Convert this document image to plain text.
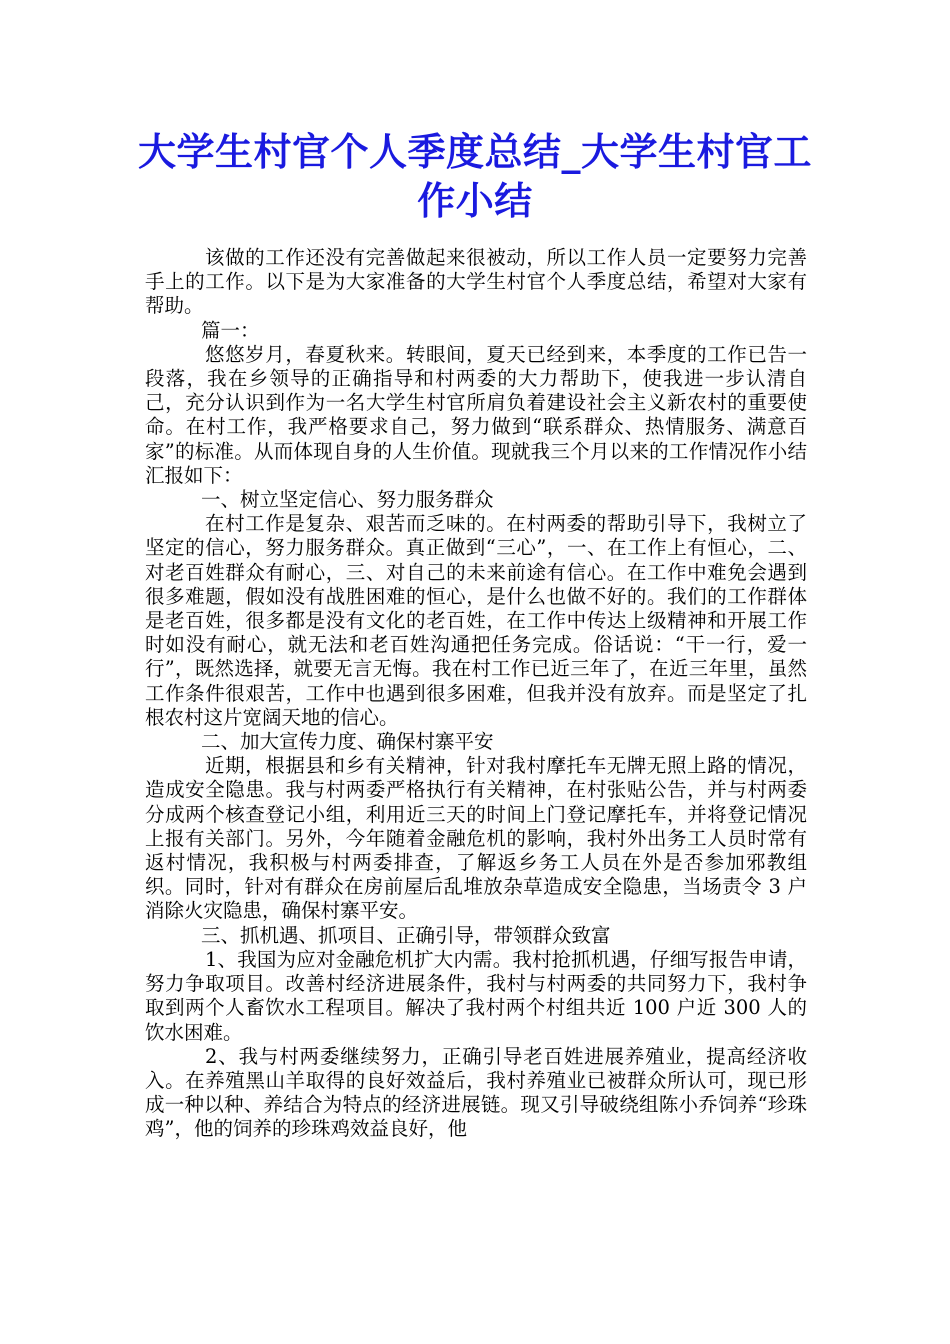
大学生村官个人季度总结_大学生村官工作小结

该做的工作还没有完善做起来很被动，所以工作人员一定要努力完善手上的工作。以下是为大家准备的大学生村官个人季度总结，希望对大家有帮助。

篇一：

悠悠岁月，春夏秋来。转眼间，夏天已经到来，本季度的工作已告一段落，我在乡领导的正确指导和村两委的大力帮助下，使我进一步认清自己，充分认识到作为一名大学生村官所肩负着建设社会主义新农村的重要使命。在村工作，我严格要求自己，努力做到“联系群众、热情服务、满意百家”的标准。从而体现自身的人生价值。现就我三个月以来的工作情况作小结汇报如下：

一、树立坚定信心、努力服务群众

在村工作是复杂、艰苦而乏味的。在村两委的帮助引导下，我树立了坚定的信心，努力服务群众。真正做到“三心”，一、在工作上有恒心，二、对老百姓群众有耐心，三、对自己的未来前途有信心。在工作中难免会遇到很多难题，假如没有战胜困难的恒心，是什么也做不好的。我们的工作群体是老百姓，很多都是没有文化的老百姓，在工作中传达上级精神和开展工作时如没有耐心，就无法和老百姓沟通把任务完成。俗话说：“干一行，爱一行”，既然选择，就要无言无悔。我在村工作已近三年了，在近三年里，虽然工作条件很艰苦，工作中也遇到很多困难，但我并没有放弃。而是坚定了扎根农村这片宽阔天地的信心。

二、加大宣传力度、确保村寨平安

近期，根据县和乡有关精神，针对我村摩托车无牌无照上路的情况，造成安全隐患。我与村两委严格执行有关精神，在村张贴公告，并与村两委分成两个核查登记小组，利用近三天的时间上门登记摩托车，并将登记情况上报有关部门。另外，今年随着金融危机的影响，我村外出务工人员时常有返村情况，我积极与村两委排查，了解返乡务工人员在外是否参加邪教组织。同时，针对有群众在房前屋后乱堆放杂草造成安全隐患，当场责令 3 户消除火灾隐患，确保村寨平安。

三、抓机遇、抓项目、正确引导，带领群众致富

1、我国为应对金融危机扩大内需。我村抢抓机遇，仔细写报告申请，努力争取项目。改善村经济进展条件，我村与村两委的共同努力下，我村争取到两个人畜饮水工程项目。解决了我村两个村组共近 100 户近 300 人的饮水困难。

2、我与村两委继续努力，正确引导老百姓进展养殖业，提高经济收入。在养殖黑山羊取得的良好效益后，我村养殖业已被群众所认可，现已形成一种以种、养结合为特点的经济进展链。现又引导破绕组陈小乔饲养“珍珠鸡”，他的饲养的珍珠鸡效益良好，他
